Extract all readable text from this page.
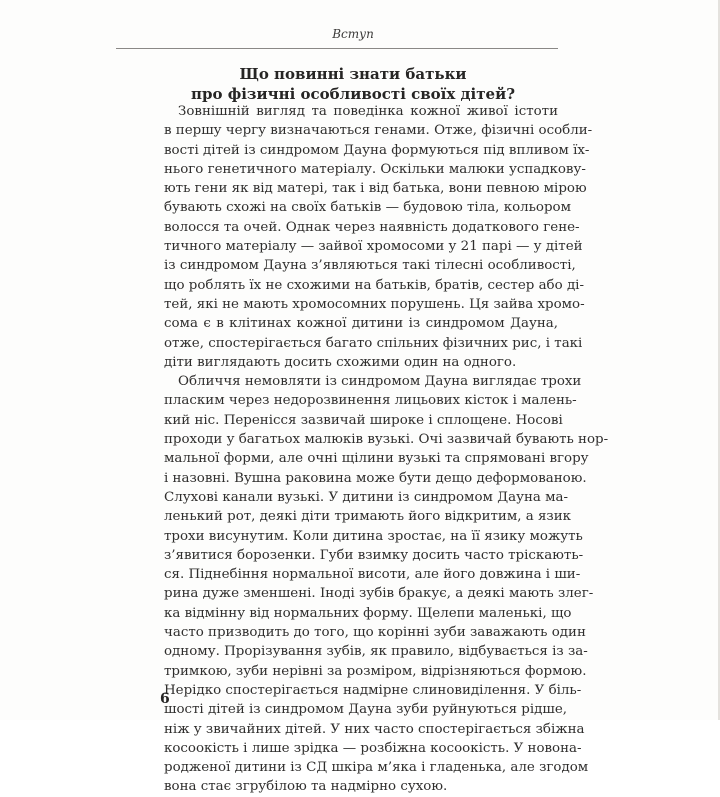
Вступ
Що повинні знати батьки
про фізичні особливості своїх дітей?
Зовнішній вигляд та поведінка кожної живої істоти
в першу чергу визначаються генами. Отже, фізичні особли-
вості дітей із синдромом Дауна формуються під впливом їх-
нього генетичного матеріалу. Оскільки малюки успадкову-
ють гени як від матері, так і від батька, вони певною мірою
бувають схожі на своїх батьків — будовою тіла, кольором
волосся та очей. Однак через наявність додаткового гене-
тичного матеріалу — зайвої хромосоми у 21 парі — у дітей
із синдромом Дауна з’являються такі тілесні особливості,
що роблять їх не схожими на батьків, братів, сестер або ді-
тей, які не мають хромосомних порушень. Ця зайва хромо-
сома є в клітинах кожної дитини із синдромом Дауна,
отже, спостерігається багато спільних фізичних рис, і такі
діти виглядають досить схожими один на одного.
Обличчя немовляти із синдромом Дауна виглядає трохи
пласким через недорозвинення лицьових кісток і малень-
кий ніс. Перенісся зазвичай широке і сплощене. Носові
проходи у багатьох малюків вузькі. Очі зазвичай бувають нор-
мальної форми, але очні щілини вузькі та спрямовані вгору
і назовні. Вушна раковина може бути дещо деформованою.
Слухові канали вузькі. У дитини із синдромом Дауна ма-
ленький рот, деякі діти тримають його відкритим, а язик
трохи висунутим. Коли дитина зростає, на її язику можуть
з’явитися борозенки. Губи взимку досить часто тріскають-
ся. Піднебіння нормальної висоти, але його довжина і ши-
рина дуже зменшені. Іноді зубів бракує, а деякі мають злег-
ка відмінну від нормальних форму. Щелепи маленькі, що
часто призводить до того, що корінні зуби заважають один
одному. Прорізування зубів, як правило, відбувається із за-
тримкою, зуби нерівні за розміром, відрізняються формою.
Нерідко спостерігається надмірне слиновиділення. У біль-
шості дітей із синдромом Дауна зуби руйнуються рідше,
ніж у звичайних дітей. У них часто спостерігається збіжна
косоокість і лише зрідка — розбіжна косоокість. У новона-
родженої дитини із СД шкіра м’яка і гладенька, але згодом
вона стає згрубілою та надмірно сухою.
6
